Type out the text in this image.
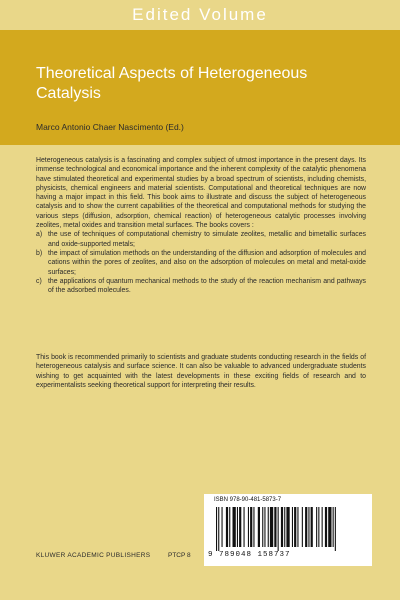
Edited Volume
Theoretical Aspects of Heterogeneous
Catalysis
Marco Antonio Chaer Nascimento (Ed.)

Heterogeneous catalysis is a fascinating and complex subject of utmost importance in the present days. Its immense technological and economical importance and the inherent complexity of the catalytic phenomena have stimulated theoretical and experimental studies by a broad spectrum of scientists, including chemists, physicists, chemical engineers and material scientists. Computational and theoretical techniques are now having a major impact in this field. This book aims to illustrate and discuss the subject of heterogeneous catalysis and to show the current capabilities of the theoretical and computational methods for studying the various steps (diffusion, adsorption, chemical reaction) of heterogeneous catalytic processes involving zeolites, metal oxides and transition metal surfaces. The books covers :

a) the use of techniques of computational chemistry to simulate zeolites, metallic and bimetallic surfaces and oxide-supported metals;
b) the impact of simulation methods on the understanding of the diffusion and adsorption of molecules and cations within the pores of zeolites, and also on the adsorption of molecules on metal and metal-oxide surfaces;
c) the applications of quantum mechanical methods to the study of the reaction mechanism and pathways of the adsorbed molecules.
This book is recommended primarily to scientists and graduate students conducting research in the fields of heterogeneous catalysis and surface science. It can also be valuable to advanced undergraduate students wishing to get acquainted with the latest developments in these exciting fields of research and to experimentalists seeking theoretical support for interpreting their results.
ISBN 978-90-481-5873-7
9 789048 158737
KLUWER ACADEMIC PUBLISHERS	PTCP 8
